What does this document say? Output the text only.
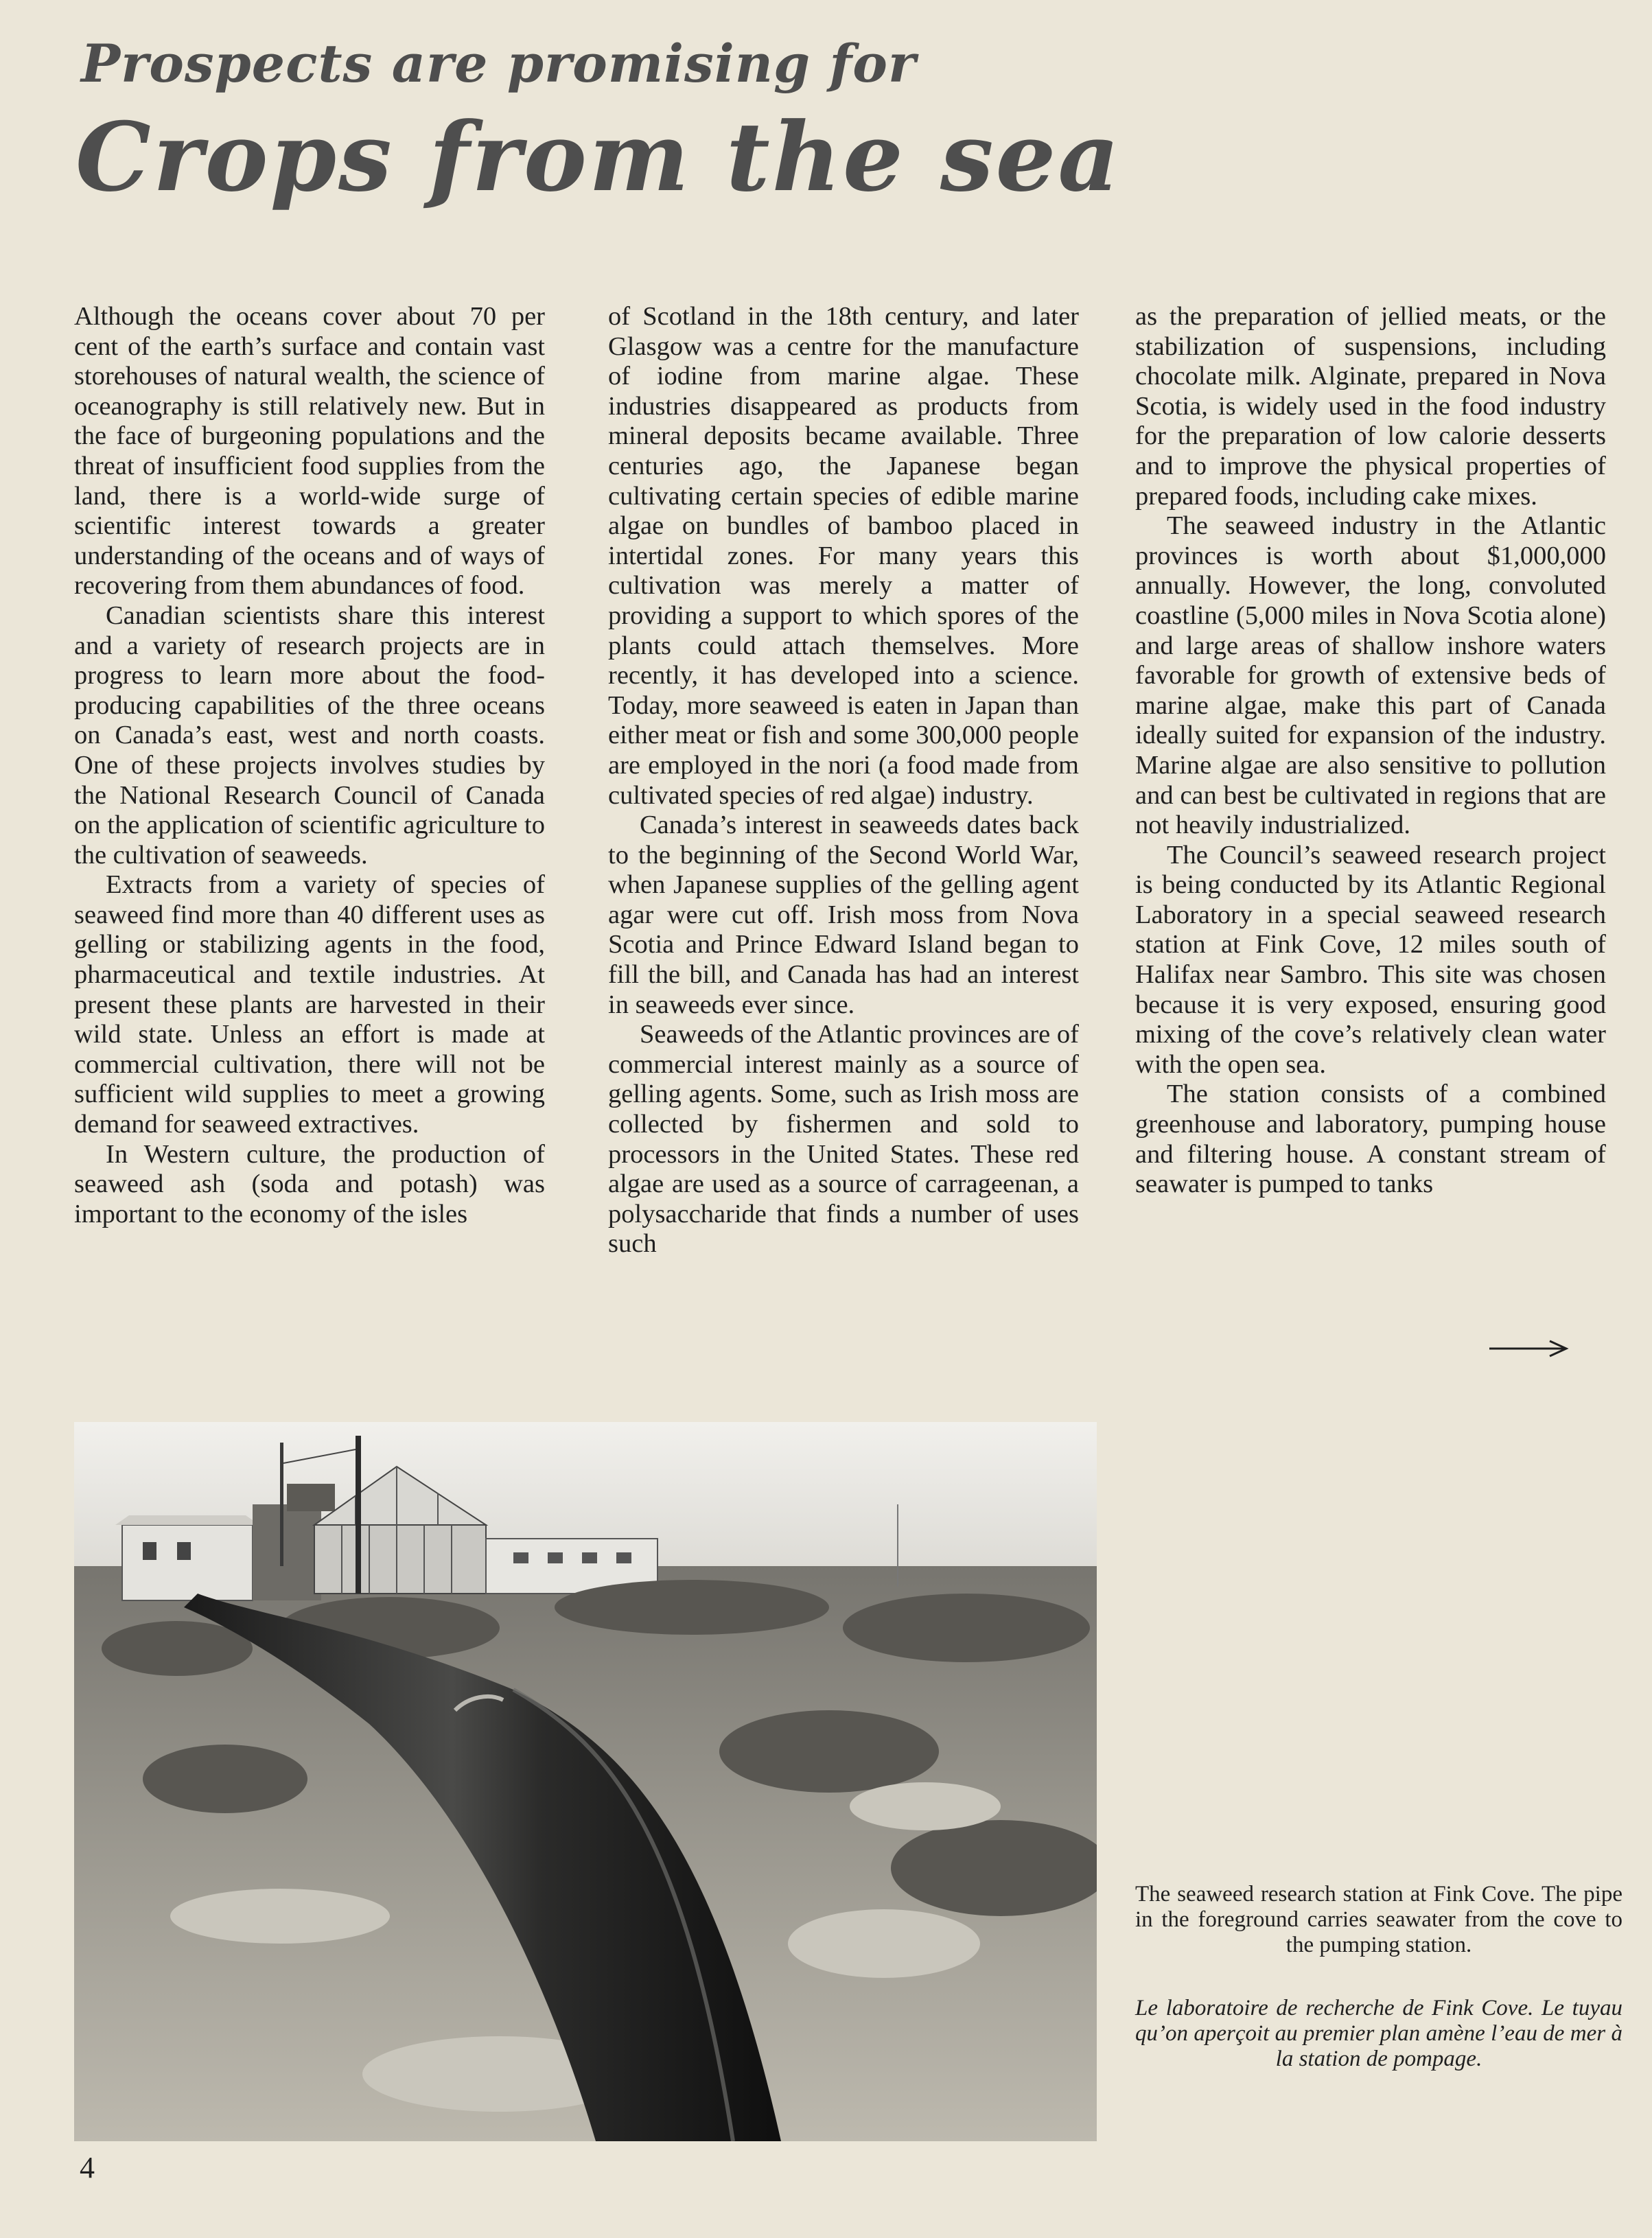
Prospects are promising for
Crops from the sea

Although the oceans cover about 70 per cent of the earth’s surface and contain vast storehouses of natural wealth, the science of oceanography is still relatively new. But in the face of burgeoning populations and the threat of insufficient food supplies from the land, there is a world-wide surge of scientific interest towards a greater understanding of the oceans and of ways of recovering from them abundances of food.

Canadian scientists share this interest and a variety of research projects are in progress to learn more about the food-producing capabilities of the three oceans on Canada’s east, west and north coasts. One of these projects involves studies by the National Research Council of Canada on the application of scientific agriculture to the cultivation of seaweeds.

Extracts from a variety of species of seaweed find more than 40 different uses as gelling or stabilizing agents in the food, pharmaceutical and textile industries. At present these plants are harvested in their wild state. Unless an effort is made at commercial cultivation, there will not be sufficient wild supplies to meet a growing demand for seaweed extractives.

In Western culture, the production of seaweed ash (soda and potash) was important to the economy of the isles

of Scotland in the 18th century, and later Glasgow was a centre for the manufacture of iodine from marine algae. These industries disappeared as products from mineral deposits became available. Three centuries ago, the Japanese began cultivating certain species of edible marine algae on bundles of bamboo placed in intertidal zones. For many years this cultivation was merely a matter of providing a support to which spores of the plants could attach themselves. More recently, it has developed into a science. Today, more seaweed is eaten in Japan than either meat or fish and some 300,000 people are employed in the nori (a food made from cultivated species of red algae) industry.

Canada’s interest in seaweeds dates back to the beginning of the Second World War, when Japanese supplies of the gelling agent agar were cut off. Irish moss from Nova Scotia and Prince Edward Island began to fill the bill, and Canada has had an interest in seaweeds ever since.

Seaweeds of the Atlantic provinces are of commercial interest mainly as a source of gelling agents. Some, such as Irish moss are collected by fishermen and sold to processors in the United States. These red algae are used as a source of carrageenan, a polysaccharide that finds a number of uses such

as the preparation of jellied meats, or the stabilization of suspensions, including chocolate milk. Alginate, prepared in Nova Scotia, is widely used in the food industry for the preparation of low calorie desserts and to improve the physical properties of prepared foods, including cake mixes.

The seaweed industry in the Atlantic provinces is worth about $1,000,000 annually. However, the long, convoluted coastline (5,000 miles in Nova Scotia alone) and large areas of shallow inshore waters favorable for growth of extensive beds of marine algae, make this part of Canada ideally suited for expansion of the industry. Marine algae are also sensitive to pollution and can best be cultivated in regions that are not heavily industrialized.

The Council’s seaweed research project is being conducted by its Atlantic Regional Laboratory in a special seaweed research station at Fink Cove, 12 miles south of Halifax near Sambro. This site was chosen because it is very exposed, ensuring good mixing of the cove’s relatively clean water with the open sea.

The station consists of a combined greenhouse and laboratory, pumping house and filtering house. A constant stream of seawater is pumped to tanks

The seaweed research station at Fink Cove. The pipe in the foreground carries seawater from the cove to the pumping station.

Le laboratoire de recherche de Fink Cove. Le tuyau qu’on aperçoit au premier plan amène l’eau de mer à la station de pompage.

4
